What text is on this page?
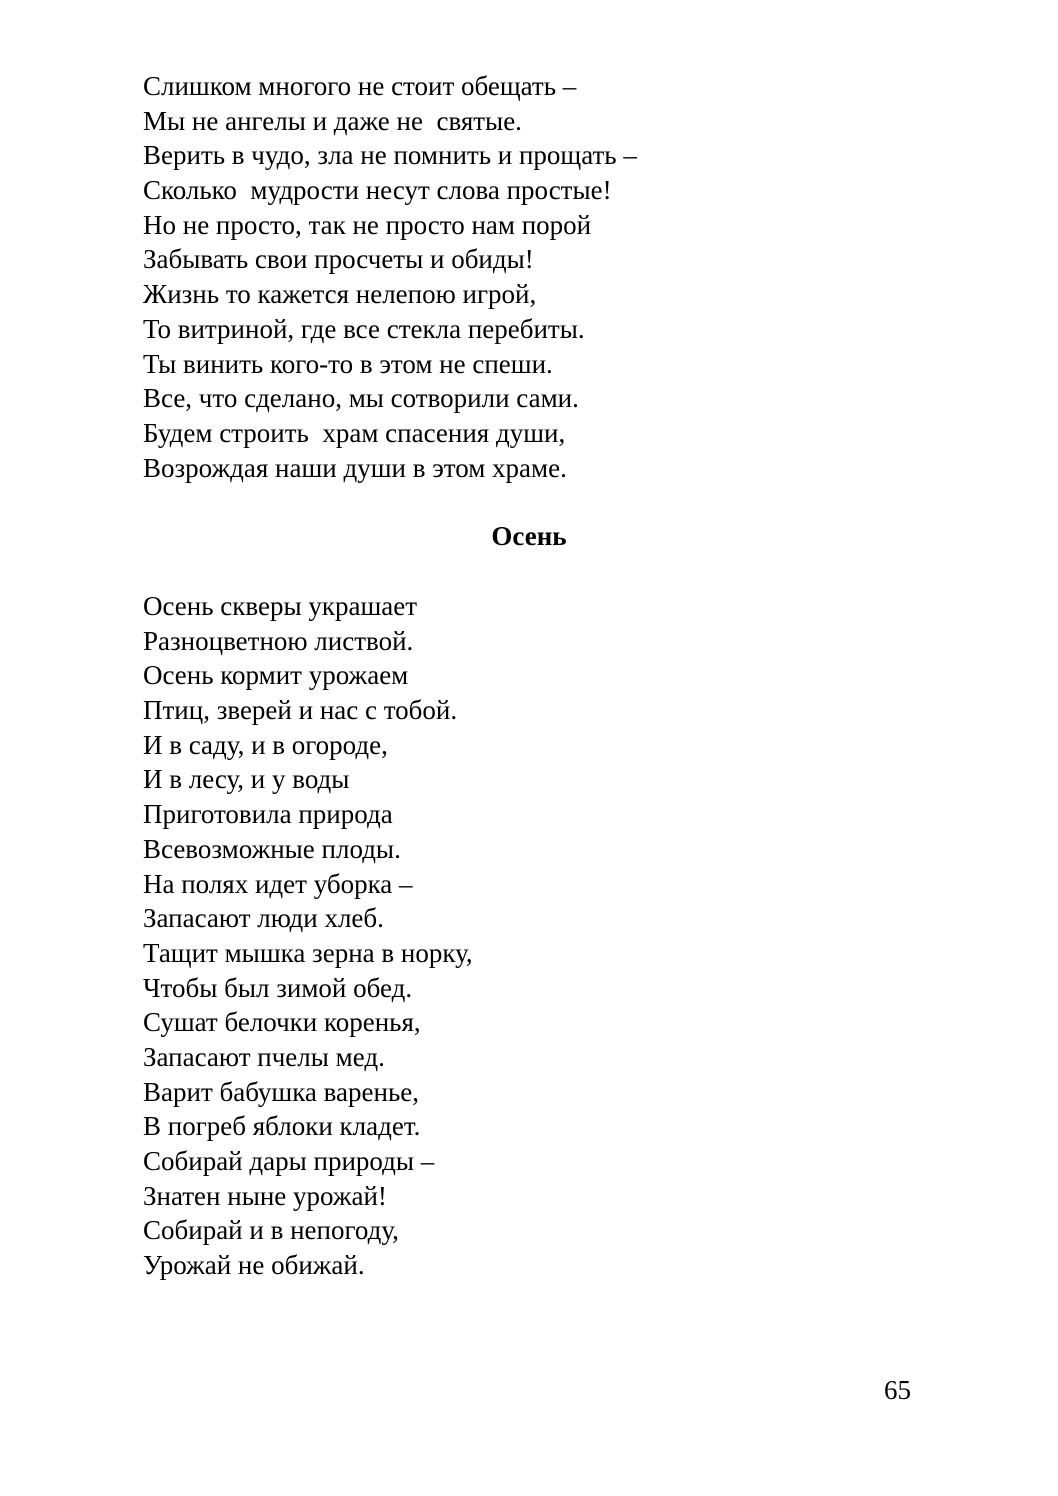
Слишком многого не стоит обещать –
Мы не ангелы и даже не  святые.
Верить в чудо, зла не помнить и прощать –
Сколько  мудрости несут слова простые!
Но не просто, так не просто нам порой
Забывать свои просчеты и обиды!
Жизнь то кажется нелепою игрой,
То витриной, где все стекла перебиты.
Ты винить кого-то в этом не спеши.
Все, что сделано, мы сотворили сами.
Будем строить  храм спасения души,
Возрождая наши души в этом храме.
Осень
Осень скверы украшает
Разноцветною листвой.
Осень кормит урожаем
Птиц, зверей и нас с тобой.
И в саду, и в огороде,
И в лесу, и у воды
Приготовила природа
Всевозможные плоды.
На полях идет уборка –
Запасают люди хлеб.
Тащит мышка зерна в норку,
Чтобы был зимой обед.
Сушат белочки коренья,
Запасают пчелы мед.
Варит бабушка варенье,
В погреб яблоки кладет.
Собирай дары природы –
Знатен ныне урожай!
Собирай и в непогоду,
Урожай не обижай.
65
